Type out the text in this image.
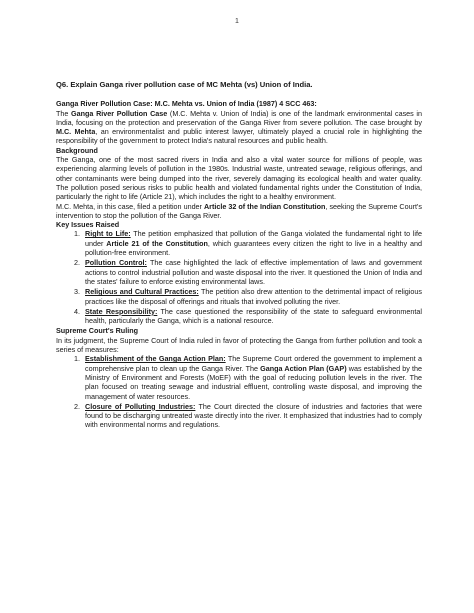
1

Q6. Explain Ganga river pollution case of MC Mehta (vs) Union of India.

Ganga River Pollution Case: M.C. Mehta vs. Union of India (1987) 4 SCC 463:

The Ganga River Pollution Case (M.C. Mehta v. Union of India) is one of the landmark environmental cases in India, focusing on the protection and preservation of the Ganga River from severe pollution. The case brought by M.C. Mehta, an environmentalist and public interest lawyer, ultimately played a crucial role in highlighting the responsibility of the government to protect India's natural resources and public health.

Background

The Ganga, one of the most sacred rivers in India and also a vital water source for millions of people, was experiencing alarming levels of pollution in the 1980s. Industrial waste, untreated sewage, religious offerings, and other contaminants were being dumped into the river, severely damaging its ecological health and water quality. The pollution posed serious risks to public health and violated fundamental rights under the Constitution of India, particularly the right to life (Article 21), which includes the right to a healthy environment.

M.C. Mehta, in this case, filed a petition under Article 32 of the Indian Constitution, seeking the Supreme Court's intervention to stop the pollution of the Ganga River.

Key Issues Raised

1. Right to Life: The petition emphasized that pollution of the Ganga violated the fundamental right to life under Article 21 of the Constitution, which guarantees every citizen the right to live in a healthy and pollution-free environment.
2. Pollution Control: The case highlighted the lack of effective implementation of laws and government actions to control industrial pollution and waste disposal into the river. It questioned the Union of India and the states' failure to enforce existing environmental laws.
3. Religious and Cultural Practices: The petition also drew attention to the detrimental impact of religious practices like the disposal of offerings and rituals that involved polluting the river.
4. State Responsibility: The case questioned the responsibility of the state to safeguard environmental health, particularly the Ganga, which is a national resource.

Supreme Court's Ruling

In its judgment, the Supreme Court of India ruled in favor of protecting the Ganga from further pollution and took a series of measures:

1. Establishment of the Ganga Action Plan: The Supreme Court ordered the government to implement a comprehensive plan to clean up the Ganga River. The Ganga Action Plan (GAP) was established by the Ministry of Environment and Forests (MoEF) with the goal of reducing pollution levels in the river. The plan focused on treating sewage and industrial effluent, controlling waste disposal, and improving the management of water resources.
2. Closure of Polluting Industries: The Court directed the closure of industries and factories that were found to be discharging untreated waste directly into the river. It emphasized that industries had to comply with environmental norms and regulations.
